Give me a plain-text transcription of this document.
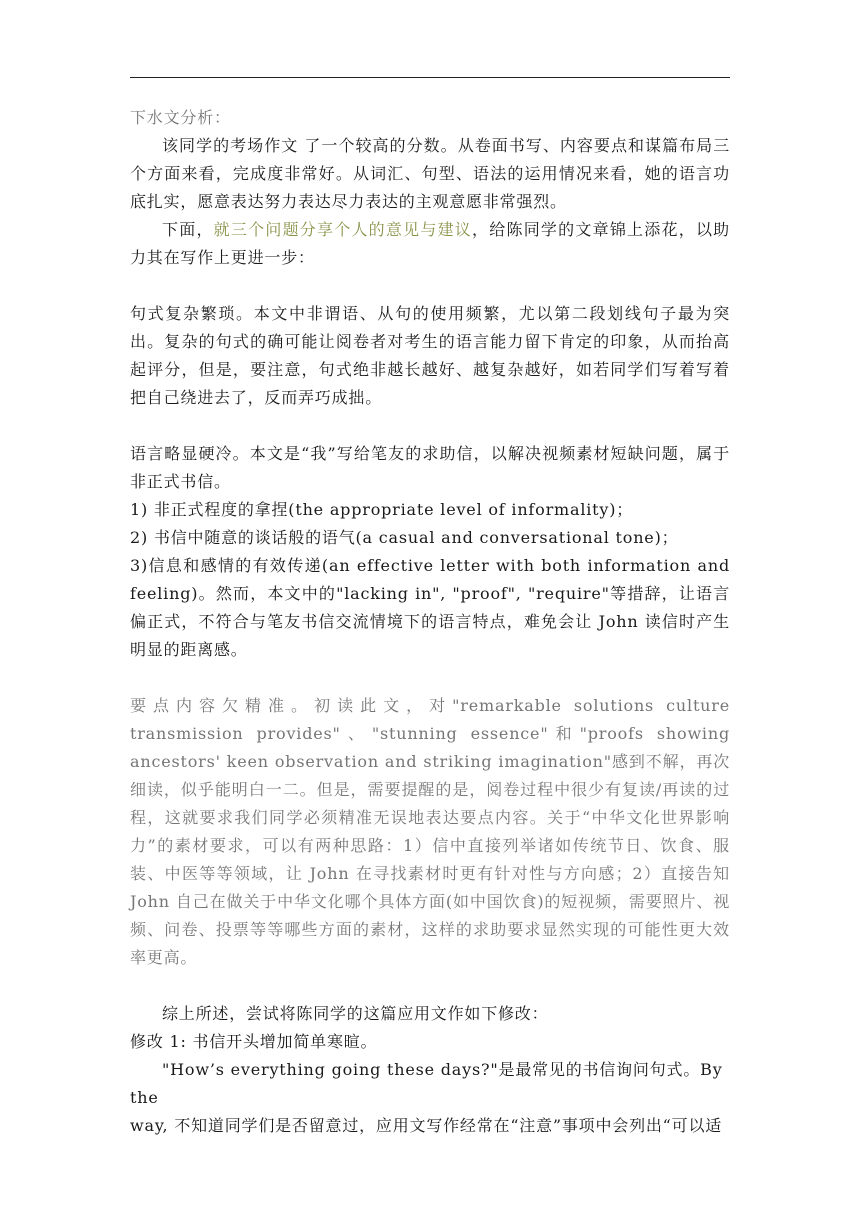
下水文分析：

该同学的考场作文 了一个较高的分数。从卷面书写、内容要点和谋篇布局三个方面来看，完成度非常好。从词汇、句型、语法的运用情况来看，她的语言功底扎实，愿意表达努力表达尽力表达的主观意愿非常强烈。

下面，就三个问题分享个人的意见与建议，给陈同学的文章锦上添花，以助力其在写作上更进一步：

句式复杂繁琐。本文中非谓语、从句的使用频繁，尤以第二段划线句子最为突出。复杂的句式的确可能让阅卷者对考生的语言能力留下肯定的印象，从而抬高起评分，但是，要注意，句式绝非越长越好、越复杂越好，如若同学们写着写着把自己绕进去了，反而弄巧成拙。

语言略显硬冷。本文是“我”写给笔友的求助信，以解决视频素材短缺问题，属于非正式书信。

1) 非正式程度的拿捏(the appropriate level of informality)；

2) 书信中随意的谈话般的语气(a casual and conversational tone)；

3)信息和感情的有效传递(an effective letter with both information and feeling)。然而，本文中的"lacking in", "proof", "require"等措辞，让语言偏正式，不符合与笔友书信交流情境下的语言特点，难免会让 John 读信时产生明显的距离感。

要点内容欠精准。初读此文，对"remarkable solutions culture transmission provides"、"stunning essence"和"proofs showing ancestors' keen observation and striking imagination"感到不解，再次细读，似乎能明白一二。但是，需要提醒的是，阅卷过程中很少有复读/再读的过程，这就要求我们同学必须精准无误地表达要点内容。关于“中华文化世界影响力”的素材要求，可以有两种思路：1）信中直接列举诸如传统节日、饮食、服装、中医等等领域，让 John 在寻找素材时更有针对性与方向感；2）直接告知 John 自己在做关于中华文化哪个具体方面(如中国饮食)的短视频，需要照片、视频、问卷、投票等等哪些方面的素材，这样的求助要求显然实现的可能性更大效率更高。

综上所述，尝试将陈同学的这篇应用文作如下修改：

修改 1: 书信开头增加简单寒暄。

"How’s everything going these days?"是最常见的书信询问句式。By the

way, 不知道同学们是否留意过，应用文写作经常在“注意”事项中会列出“可以适
